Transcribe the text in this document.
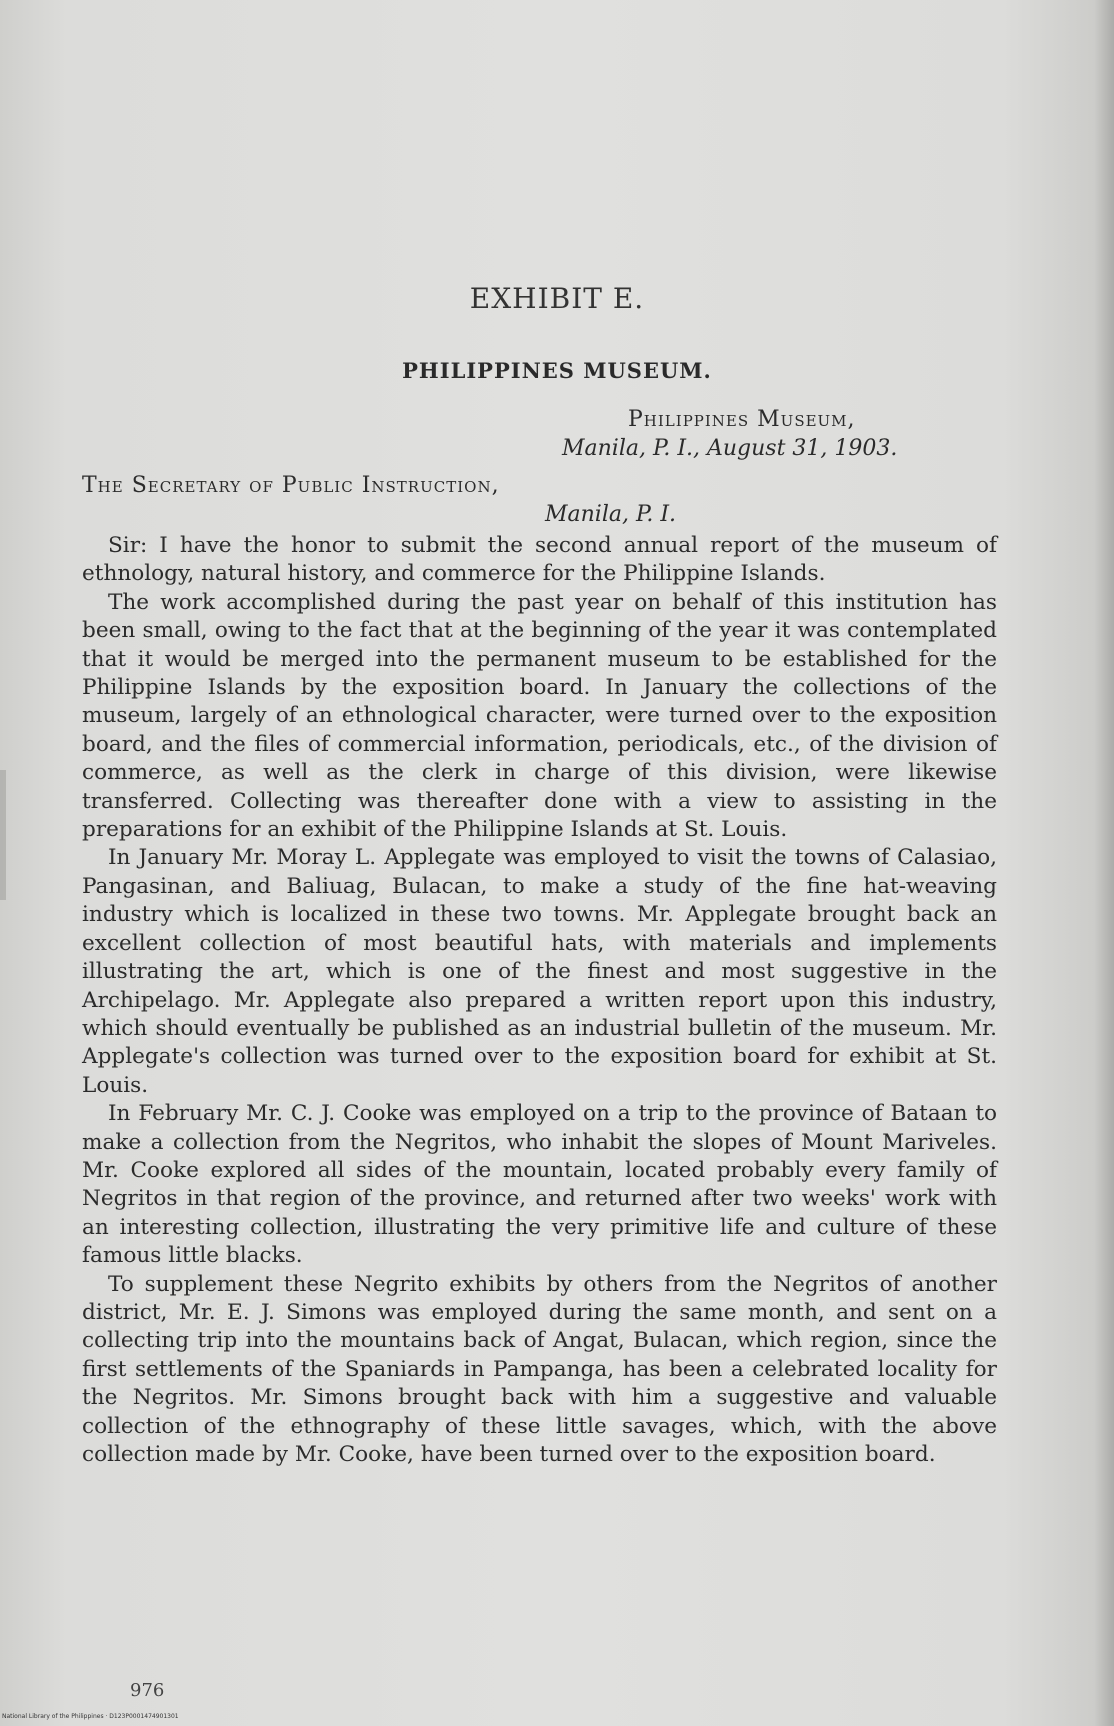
EXHIBIT E.
PHILIPPINES MUSEUM.
Philippines Museum,
Manila, P. I., August 31, 1903.
The Secretary of Public Instruction,
Manila, P. I.

Sir: I have the honor to submit the second annual report of the museum of ethnology, natural history, and commerce for the Philippine Islands.

The work accomplished during the past year on behalf of this institution has been small, owing to the fact that at the beginning of the year it was contemplated that it would be merged into the permanent museum to be established for the Philippine Islands by the exposition board. In January the collections of the museum, largely of an ethnological character, were turned over to the exposition board, and the files of commercial information, periodicals, etc., of the division of commerce, as well as the clerk in charge of this division, were likewise transferred. Collecting was thereafter done with a view to assisting in the preparations for an exhibit of the Philippine Islands at St. Louis.

In January Mr. Moray L. Applegate was employed to visit the towns of Calasiao, Pangasinan, and Baliuag, Bulacan, to make a study of the fine hat-weaving industry which is localized in these two towns. Mr. Applegate brought back an excellent collection of most beautiful hats, with materials and implements illustrating the art, which is one of the finest and most suggestive in the Archipelago. Mr. Applegate also prepared a written report upon this industry, which should eventually be published as an industrial bulletin of the museum. Mr. Applegate's collection was turned over to the exposition board for exhibit at St. Louis.

In February Mr. C. J. Cooke was employed on a trip to the province of Bataan to make a collection from the Negritos, who inhabit the slopes of Mount Mariveles. Mr. Cooke explored all sides of the mountain, located probably every family of Negritos in that region of the province, and returned after two weeks' work with an interesting collection, illustrating the very primitive life and culture of these famous little blacks.

To supplement these Negrito exhibits by others from the Negritos of another district, Mr. E. J. Simons was employed during the same month, and sent on a collecting trip into the mountains back of Angat, Bulacan, which region, since the first settlements of the Spaniards in Pampanga, has been a celebrated locality for the Negritos. Mr. Simons brought back with him a suggestive and valuable collection of the ethnography of these little savages, which, with the above collection made by Mr. Cooke, have been turned over to the exposition board.

976
National Library of the Philippines · D123P0001474901301
